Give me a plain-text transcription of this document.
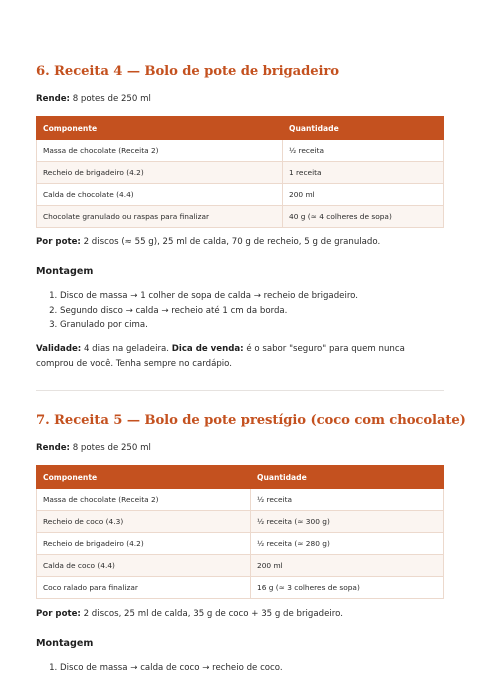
6. Receita 4 — Bolo de pote de brigadeiro

Rende: 8 potes de 250 ml

Componente	Quantidade
Massa de chocolate (Receita 2)	½ receita
Recheio de brigadeiro (4.2)	1 receita
Calda de chocolate (4.4)	200 ml
Chocolate granulado ou raspas para finalizar	40 g (≈ 4 colheres de sopa)

Por pote: 2 discos (≈ 55 g), 25 ml de calda, 70 g de recheio, 5 g de granulado.

Montagem
1. Disco de massa → 1 colher de sopa de calda → recheio de brigadeiro.
2. Segundo disco → calda → recheio até 1 cm da borda.
3. Granulado por cima.

Validade: 4 dias na geladeira. Dica de venda: é o sabor "seguro" para quem nunca comprou de você. Tenha sempre no cardápio.

7. Receita 5 — Bolo de pote prestígio (coco com chocolate)

Rende: 8 potes de 250 ml

Componente	Quantidade
Massa de chocolate (Receita 2)	½ receita
Recheio de coco (4.3)	½ receita (≈ 300 g)
Recheio de brigadeiro (4.2)	½ receita (≈ 280 g)
Calda de coco (4.4)	200 ml
Coco ralado para finalizar	16 g (≈ 3 colheres de sopa)

Por pote: 2 discos, 25 ml de calda, 35 g de coco + 35 g de brigadeiro.

Montagem
1. Disco de massa → calda de coco → recheio de coco.
